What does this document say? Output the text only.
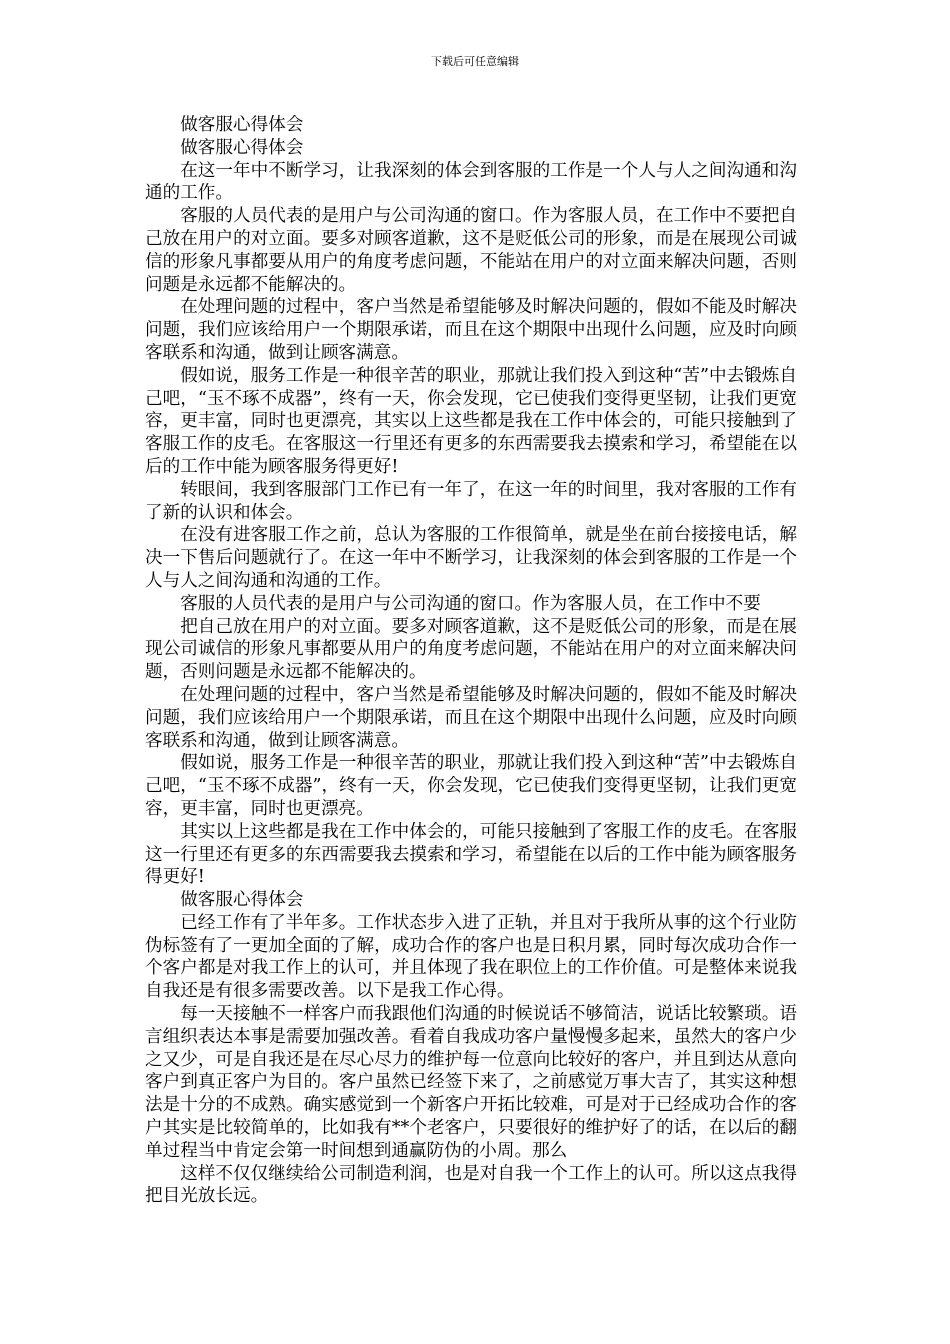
下载后可任意编辑

做客服心得体会

做客服心得体会

在这一年中不断学习，让我深刻的体会到客服的工作是一个人与人之间沟通和沟通的工作。

客服的人员代表的是用户与公司沟通的窗口。作为客服人员，在工作中不要把自己放在用户的对立面。要多对顾客道歉，这不是贬低公司的形象，而是在展现公司诚信的形象凡事都要从用户的角度考虑问题，不能站在用户的对立面来解决问题，否则问题是永远都不能解决的。

在处理问题的过程中，客户当然是希望能够及时解决问题的，假如不能及时解决问题，我们应该给用户一个期限承诺，而且在这个期限中出现什么问题，应及时向顾客联系和沟通，做到让顾客满意。

假如说，服务工作是一种很辛苦的职业，那就让我们投入到这种“苦”中去锻炼自己吧，“玉不琢不成器”，终有一天，你会发现，它已使我们变得更坚韧，让我们更宽容，更丰富，同时也更漂亮，其实以上这些都是我在工作中体会的，可能只接触到了客服工作的皮毛。在客服这一行里还有更多的东西需要我去摸索和学习，希望能在以后的工作中能为顾客服务得更好!

转眼间，我到客服部门工作已有一年了，在这一年的时间里，我对客服的工作有了新的认识和体会。

在没有进客服工作之前，总认为客服的工作很简单，就是坐在前台接接电话，解决一下售后问题就行了。在这一年中不断学习，让我深刻的体会到客服的工作是一个人与人之间沟通和沟通的工作。

客服的人员代表的是用户与公司沟通的窗口。作为客服人员，在工作中不要

把自己放在用户的对立面。要多对顾客道歉，这不是贬低公司的形象，而是在展现公司诚信的形象凡事都要从用户的角度考虑问题，不能站在用户的对立面来解决问题，否则问题是永远都不能解决的。

在处理问题的过程中，客户当然是希望能够及时解决问题的，假如不能及时解决问题，我们应该给用户一个期限承诺，而且在这个期限中出现什么问题，应及时向顾客联系和沟通，做到让顾客满意。

假如说，服务工作是一种很辛苦的职业，那就让我们投入到这种“苦”中去锻炼自己吧，“玉不琢不成器”，终有一天，你会发现，它已使我们变得更坚韧，让我们更宽容，更丰富，同时也更漂亮。

其实以上这些都是我在工作中体会的，可能只接触到了客服工作的皮毛。在客服这一行里还有更多的东西需要我去摸索和学习，希望能在以后的工作中能为顾客服务得更好!

做客服心得体会

已经工作有了半年多。工作状态步入进了正轨，并且对于我所从事的这个行业防伪标签有了一更加全面的了解，成功合作的客户也是日积月累，同时每次成功合作一个客户都是对我工作上的认可，并且体现了我在职位上的工作价值。可是整体来说我自我还是有很多需要改善。以下是我工作心得。

每一天接触不一样客户而我跟他们沟通的时候说话不够简洁，说话比较繁琐。语言组织表达本事是需要加强改善。看着自我成功客户量慢慢多起来，虽然大的客户少之又少，可是自我还是在尽心尽力的维护每一位意向比较好的客户，并且到达从意向客户到真正客户为目的。客户虽然已经签下来了，之前感觉万事大吉了，其实这种想法是十分的不成熟。确实感觉到一个新客户开拓比较难，可是对于已经成功合作的客户其实是比较简单的，比如我有**个老客户，只要很好的维护好了的话，在以后的翻单过程当中肯定会第一时间想到通赢防伪的小周。那么

这样不仅仅继续给公司制造利润，也是对自我一个工作上的认可。所以这点我得把目光放长远。
